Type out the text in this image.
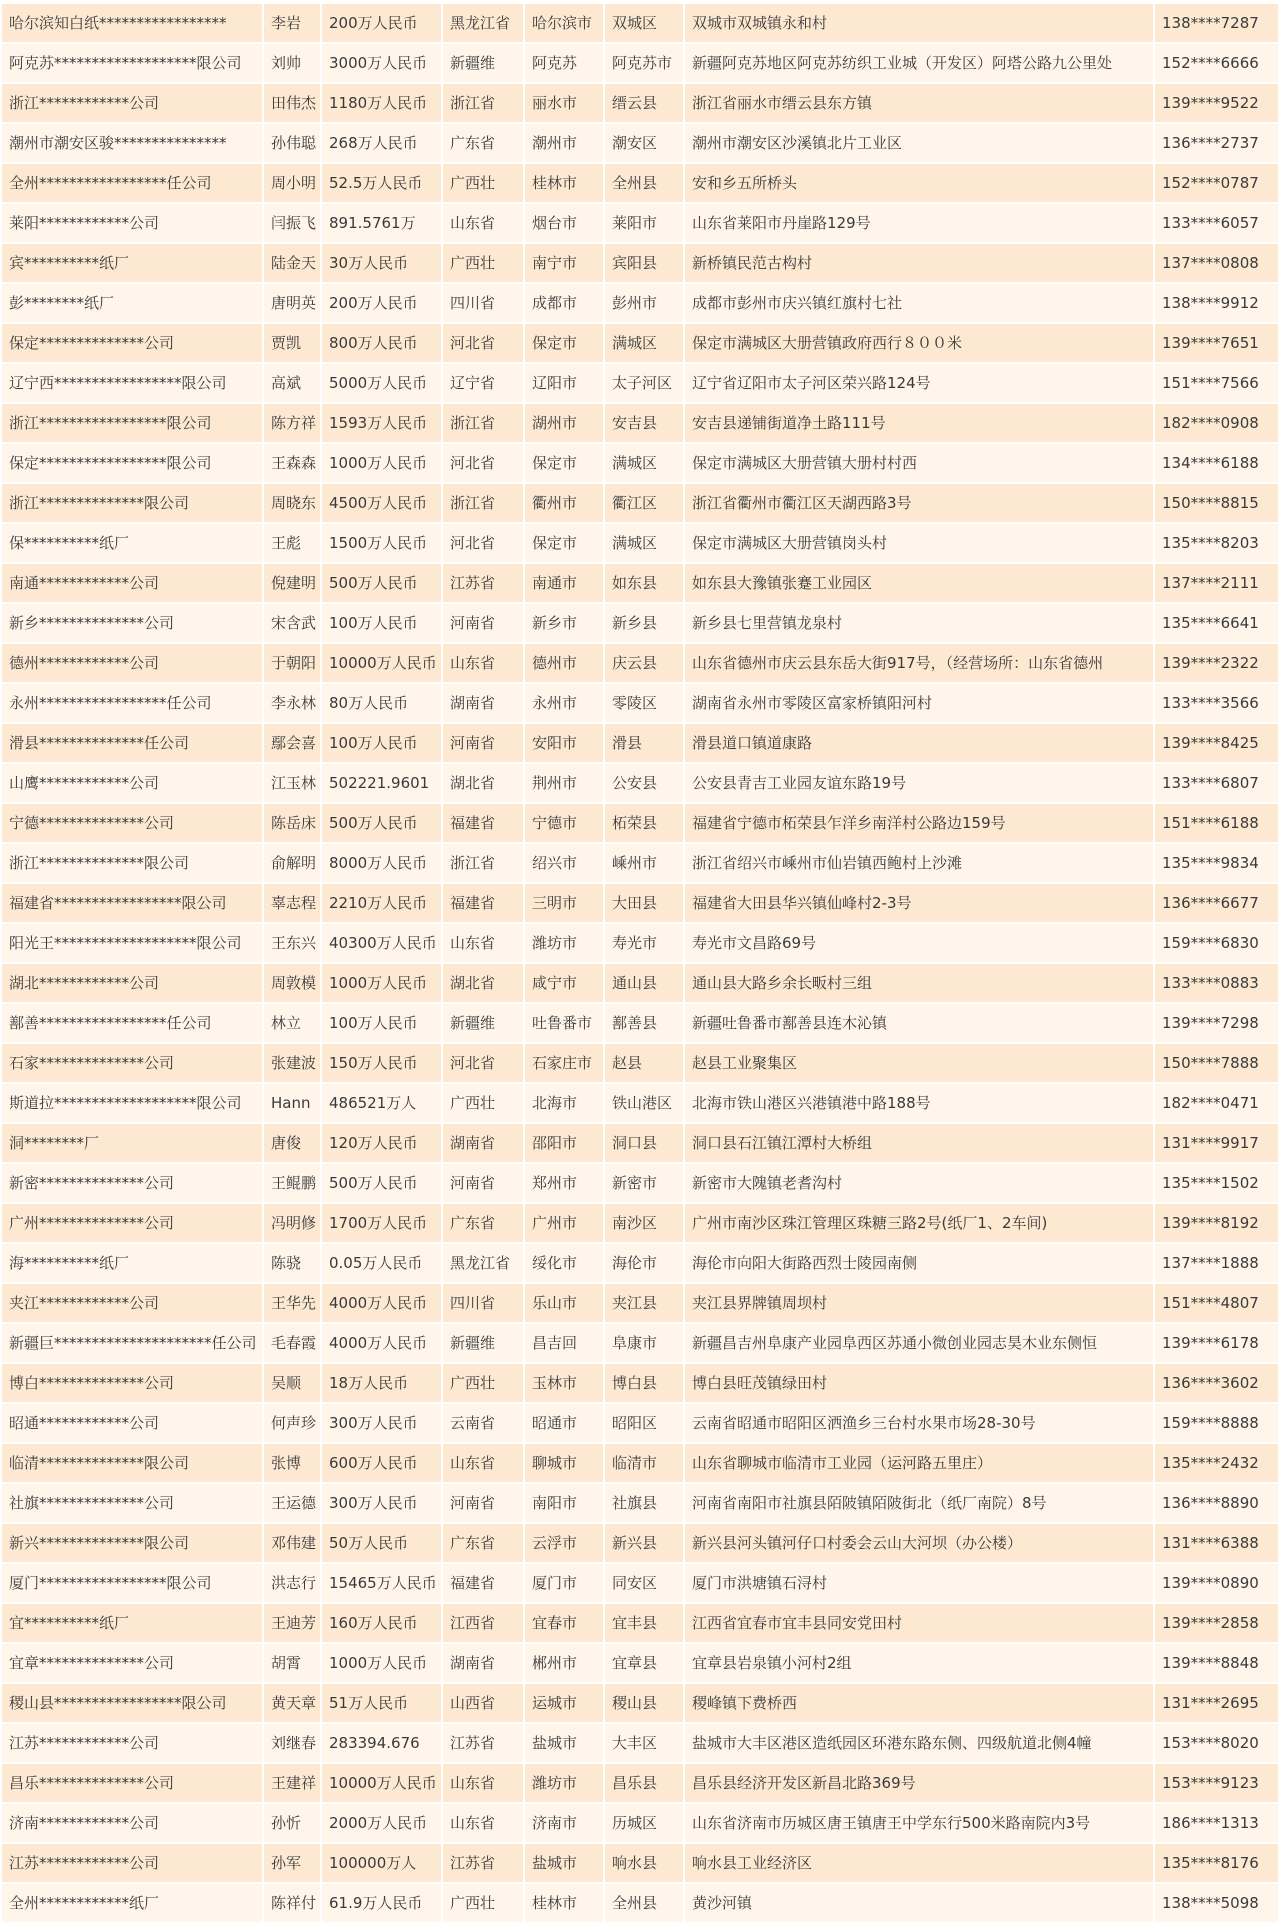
哈尔滨知白纸*****************	李岩	200万人民币	黑龙江省	哈尔滨市	双城区	双城市双城镇永和村	138****7287
阿克苏*******************限公司	刘帅	3000万人民币	新疆维	阿克苏	阿克苏市	新疆阿克苏地区阿克苏纺织工业城（开发区）阿塔公路九公里处	152****6666
浙江************公司	田伟杰	1180万人民币	浙江省	丽水市	缙云县	浙江省丽水市缙云县东方镇	139****9522
潮州市潮安区骏***************	孙伟聪	268万人民币	广东省	潮州市	潮安区	潮州市潮安区沙溪镇北片工业区	136****2737
全州*****************任公司	周小明	52.5万人民币	广西壮	桂林市	全州县	安和乡五所桥头	152****0787
莱阳************公司	闫振飞	891.5761万	山东省	烟台市	莱阳市	山东省莱阳市丹崖路129号	133****6057
宾**********纸厂	陆金天	30万人民币	广西壮	南宁市	宾阳县	新桥镇民范古构村	137****0808
彭********纸厂	唐明英	200万人民币	四川省	成都市	彭州市	成都市彭州市庆兴镇红旗村七社	138****9912
保定**************公司	贾凯	800万人民币	河北省	保定市	满城区	保定市满城区大册营镇政府西行８００米	139****7651
辽宁西*****************限公司	高斌	5000万人民币	辽宁省	辽阳市	太子河区	辽宁省辽阳市太子河区荣兴路124号	151****7566
浙江*****************限公司	陈方祥	1593万人民币	浙江省	湖州市	安吉县	安吉县递铺街道净土路111号	182****0908
保定*****************限公司	王森森	1000万人民币	河北省	保定市	满城区	保定市满城区大册营镇大册村村西	134****6188
浙江**************限公司	周晓东	4500万人民币	浙江省	衢州市	衢江区	浙江省衢州市衢江区天湖西路3号	150****8815
保**********纸厂	王彪	1500万人民币	河北省	保定市	满城区	保定市满城区大册营镇岗头村	135****8203
南通************公司	倪建明	500万人民币	江苏省	南通市	如东县	如东县大豫镇张蹇工业园区	137****2111
新乡**************公司	宋含武	100万人民币	河南省	新乡市	新乡县	新乡县七里营镇龙泉村	135****6641
德州************公司	于朝阳	10000万人民币	山东省	德州市	庆云县	山东省德州市庆云县东岳大街917号，（经营场所：山东省德州	139****2322
永州*****************任公司	李永林	80万人民币	湖南省	永州市	零陵区	湖南省永州市零陵区富家桥镇阳河村	133****3566
滑县**************任公司	鄢会喜	100万人民币	河南省	安阳市	滑县	滑县道口镇道康路	139****8425
山鹰************公司	江玉林	502221.9601	湖北省	荆州市	公安县	公安县青吉工业园友谊东路19号	133****6807
宁德**************公司	陈岳床	500万人民币	福建省	宁德市	柘荣县	福建省宁德市柘荣县乍洋乡南洋村公路边159号	151****6188
浙江**************限公司	俞解明	8000万人民币	浙江省	绍兴市	嵊州市	浙江省绍兴市嵊州市仙岩镇西鲍村上沙滩	135****9834
福建省*****************限公司	辜志程	2210万人民币	福建省	三明市	大田县	福建省大田县华兴镇仙峰村2-3号	136****6677
阳光王*******************限公司	王东兴	40300万人民币	山东省	潍坊市	寿光市	寿光市文昌路69号	159****6830
湖北************公司	周敦模	1000万人民币	湖北省	咸宁市	通山县	通山县大路乡余长畈村三组	133****0883
鄯善*****************任公司	林立	100万人民币	新疆维	吐鲁番市	鄯善县	新疆吐鲁番市鄯善县连木沁镇	139****7298
石家**************公司	张建波	150万人民币	河北省	石家庄市	赵县	赵县工业聚集区	150****7888
斯道拉*******************限公司	Hann	486521万人	广西壮	北海市	铁山港区	北海市铁山港区兴港镇港中路188号	182****0471
洞********厂	唐俊	120万人民币	湖南省	邵阳市	洞口县	洞口县石江镇江潭村大桥组	131****9917
新密**************公司	王鲲鹏	500万人民币	河南省	郑州市	新密市	新密市大隗镇老耆沟村	135****1502
广州**************公司	冯明修	1700万人民币	广东省	广州市	南沙区	广州市南沙区珠江管理区珠糖三路2号(纸厂1、2车间)	139****8192
海**********纸厂	陈骁	0.05万人民币	黑龙江省	绥化市	海伦市	海伦市向阳大街路西烈士陵园南侧	137****1888
夹江************公司	王华先	4000万人民币	四川省	乐山市	夹江县	夹江县界牌镇周坝村	151****4807
新疆巨*********************任公司	毛春霞	4000万人民币	新疆维	昌吉回	阜康市	新疆昌吉州阜康产业园阜西区苏通小微创业园志昊木业东侧恒	139****6178
博白**************公司	吴顺	18万人民币	广西壮	玉林市	博白县	博白县旺茂镇绿田村	136****3602
昭通************公司	何声珍	300万人民币	云南省	昭通市	昭阳区	云南省昭通市昭阳区洒渔乡三台村水果市场28-30号	159****8888
临清**************限公司	张博	600万人民币	山东省	聊城市	临清市	山东省聊城市临清市工业园（运河路五里庄）	135****2432
社旗**************公司	王运德	300万人民币	河南省	南阳市	社旗县	河南省南阳市社旗县陌陂镇陌陂街北（纸厂南院）8号	136****8890
新兴**************限公司	邓伟建	50万人民币	广东省	云浮市	新兴县	新兴县河头镇河仔口村委会云山大河坝（办公楼）	131****6388
厦门*****************限公司	洪志行	15465万人民币	福建省	厦门市	同安区	厦门市洪塘镇石浔村	139****0890
宜**********纸厂	王迪芳	160万人民币	江西省	宜春市	宜丰县	江西省宜春市宜丰县同安党田村	139****2858
宜章**************公司	胡霄	1000万人民币	湖南省	郴州市	宜章县	宜章县岩泉镇小河村2组	139****8848
稷山县*****************限公司	黄天章	51万人民币	山西省	运城市	稷山县	稷峰镇下费桥西	131****2695
江苏************公司	刘继春	283394.676	江苏省	盐城市	大丰区	盐城市大丰区港区造纸园区环港东路东侧、四级航道北侧4幢	153****8020
昌乐**************公司	王建祥	10000万人民币	山东省	潍坊市	昌乐县	昌乐县经济开发区新昌北路369号	153****9123
济南************公司	孙忻	2000万人民币	山东省	济南市	历城区	山东省济南市历城区唐王镇唐王中学东行500米路南院内3号	186****1313
江苏************公司	孙军	100000万人	江苏省	盐城市	响水县	响水县工业经济区	135****8176
全州************纸厂	陈祥付	61.9万人民币	广西壮	桂林市	全州县	黄沙河镇	138****5098
